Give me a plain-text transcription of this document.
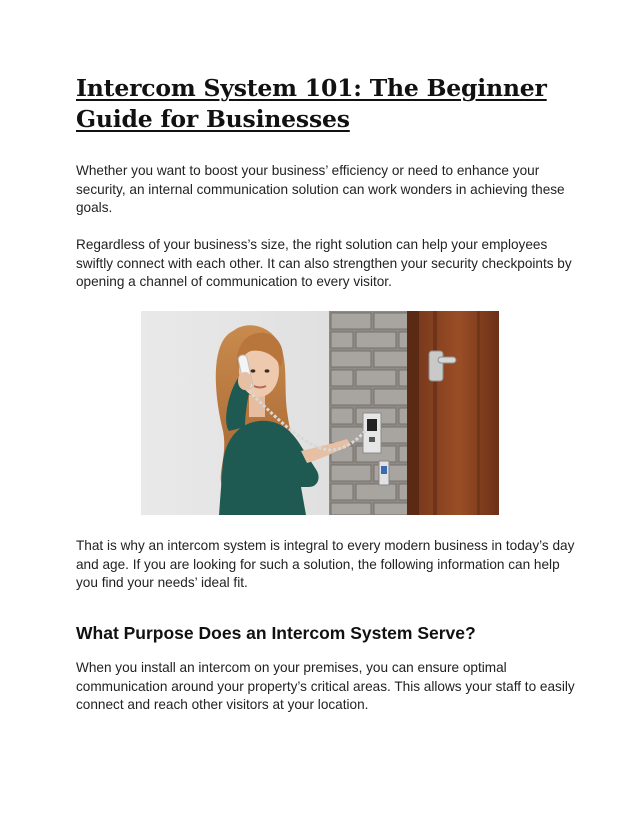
Intercom System 101: The Beginner Guide for Businesses

Whether you want to boost your business’ efficiency or need to enhance your security, an internal communication solution can work wonders in achieving these goals.

Regardless of your business’s size, the right solution can help your employees swiftly connect with each other. It can also strengthen your security checkpoints by opening a channel of communication to every visitor.

That is why an intercom system is integral to every modern business in today’s day and age. If you are looking for such a solution, the following information can help you find your needs’ ideal fit.

What Purpose Does an Intercom System Serve?

When you install an intercom on your premises, you can ensure optimal communication around your property’s critical areas. This allows your staff to easily connect and reach other visitors at your location.
